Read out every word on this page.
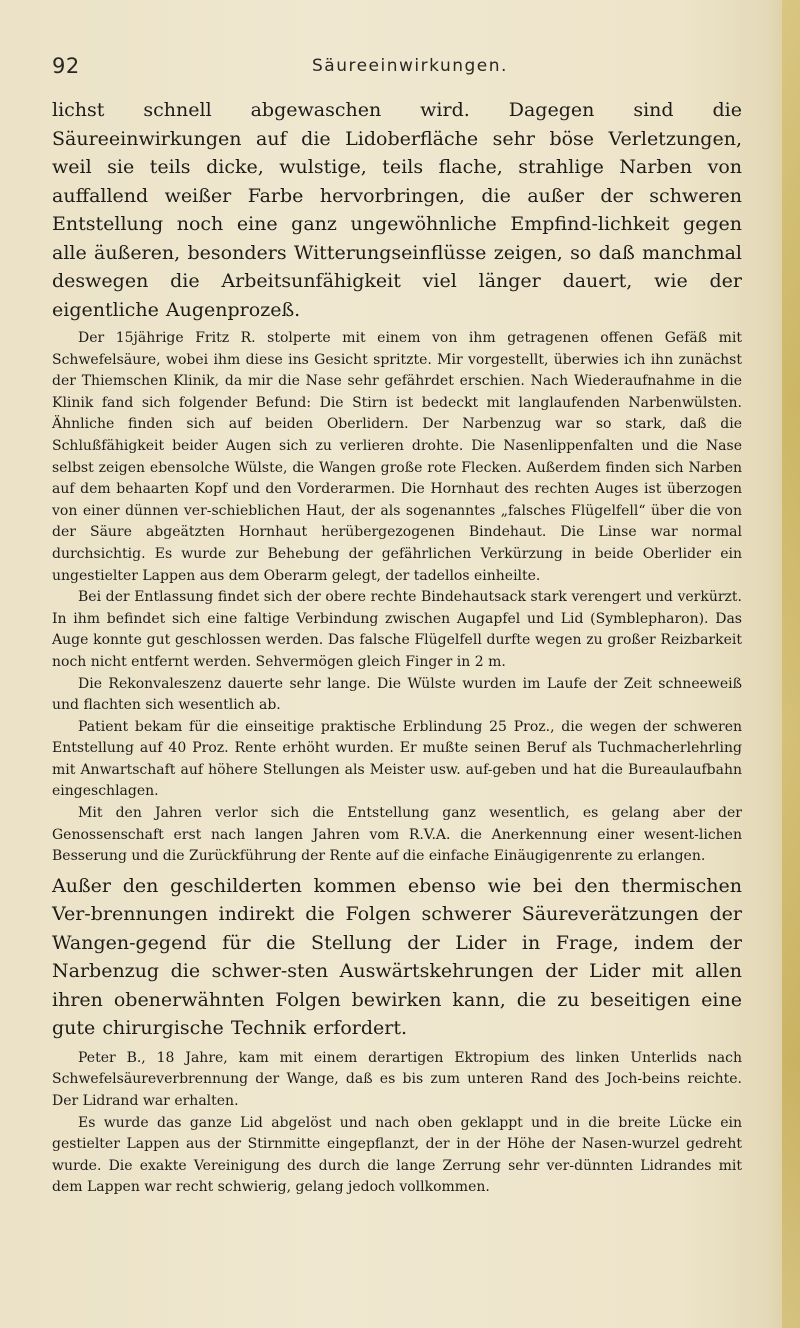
92	Säureeinwirkungen.

lichst schnell abgewaschen wird. Dagegen sind die Säureeinwirkungen auf die Lidoberfläche sehr böse Verletzungen, weil sie teils dicke, wulstige, teils flache, strahlige Narben von auffallend weißer Farbe hervorbringen, die außer der schweren Entstellung noch eine ganz ungewöhnliche Empfind-lichkeit gegen alle äußeren, besonders Witterungseinflüsse zeigen, so daß manchmal deswegen die Arbeitsunfähigkeit viel länger dauert, wie der eigentliche Augenprozeß.

Der 15jährige Fritz R. stolperte mit einem von ihm getragenen offenen Gefäß mit Schwefelsäure, wobei ihm diese ins Gesicht spritzte. Mir vorgestellt, überwies ich ihn zunächst der Thiemschen Klinik, da mir die Nase sehr gefährdet erschien. Nach Wiederaufnahme in die Klinik fand sich folgender Befund: Die Stirn ist bedeckt mit langlaufenden Narbenwülsten. Ähnliche finden sich auf beiden Oberlidern. Der Narbenzug war so stark, daß die Schlußfähigkeit beider Augen sich zu verlieren drohte. Die Nasenlippenfalten und die Nase selbst zeigen ebensolche Wülste, die Wangen große rote Flecken. Außerdem finden sich Narben auf dem behaarten Kopf und den Vorderarmen. Die Hornhaut des rechten Auges ist überzogen von einer dünnen ver-schieblichen Haut, der als sogenanntes „falsches Flügelfell“ über die von der Säure abgeätzten Hornhaut herübergezogenen Bindehaut. Die Linse war normal durchsichtig. Es wurde zur Behebung der gefährlichen Verkürzung in beide Oberlider ein ungestielter Lappen aus dem Oberarm gelegt, der tadellos einheilte.

Bei der Entlassung findet sich der obere rechte Bindehautsack stark verengert und verkürzt. In ihm befindet sich eine faltige Verbindung zwischen Augapfel und Lid (Symblepharon). Das Auge konnte gut geschlossen werden. Das falsche Flügelfell durfte wegen zu großer Reizbarkeit noch nicht entfernt werden. Sehvermögen gleich Finger in 2 m.

Die Rekonvaleszenz dauerte sehr lange. Die Wülste wurden im Laufe der Zeit schneeweiß und flachten sich wesentlich ab.

Patient bekam für die einseitige praktische Erblindung 25 Proz., die wegen der schweren Entstellung auf 40 Proz. Rente erhöht wurden. Er mußte seinen Beruf als Tuchmacherlehrling mit Anwartschaft auf höhere Stellungen als Meister usw. auf-geben und hat die Bureaulaufbahn eingeschlagen.

Mit den Jahren verlor sich die Entstellung ganz wesentlich, es gelang aber der Genossenschaft erst nach langen Jahren vom R.V.A. die Anerkennung einer wesent-lichen Besserung und die Zurückführung der Rente auf die einfache Einäugigenrente zu erlangen.

Außer den geschilderten kommen ebenso wie bei den thermischen Ver-brennungen indirekt die Folgen schwerer Säureverätzungen der Wangen-gegend für die Stellung der Lider in Frage, indem der Narbenzug die schwer-sten Auswärtskehrungen der Lider mit allen ihren obenerwähnten Folgen bewirken kann, die zu beseitigen eine gute chirurgische Technik erfordert.

Peter B., 18 Jahre, kam mit einem derartigen Ektropium des linken Unterlids nach Schwefelsäureverbrennung der Wange, daß es bis zum unteren Rand des Joch-beins reichte. Der Lidrand war erhalten.

Es wurde das ganze Lid abgelöst und nach oben geklappt und in die breite Lücke ein gestielter Lappen aus der Stirnmitte eingepflanzt, der in der Höhe der Nasen-wurzel gedreht wurde. Die exakte Vereinigung des durch die lange Zerrung sehr ver-dünnten Lidrandes mit dem Lappen war recht schwierig, gelang jedoch vollkommen.
